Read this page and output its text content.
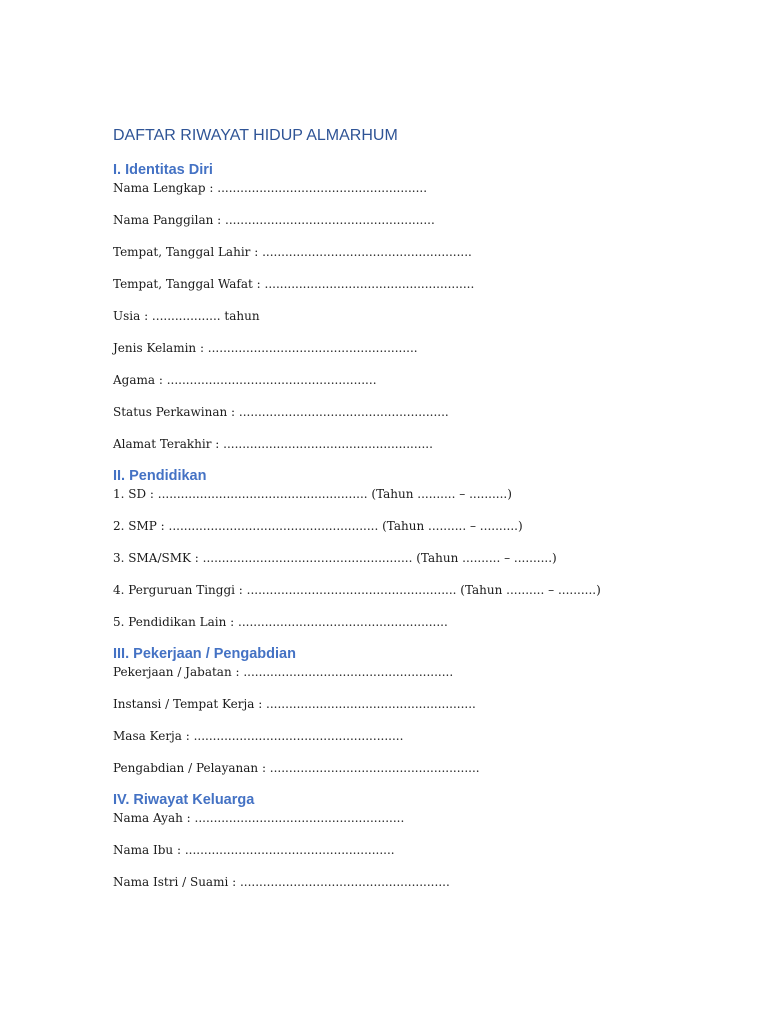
DAFTAR RIWAYAT HIDUP ALMARHUM
I. Identitas Diri

Nama Lengkap : .......................................................

Nama Panggilan : .......................................................

Tempat, Tanggal Lahir : .......................................................

Tempat, Tanggal Wafat : .......................................................

Usia : .................. tahun

Jenis Kelamin : .......................................................

Agama : .......................................................

Status Perkawinan : .......................................................

Alamat Terakhir : .......................................................

II. Pendidikan

1. SD : ....................................................... (Tahun .......... – ..........)

2. SMP : ....................................................... (Tahun .......... – ..........)

3. SMA/SMK : ....................................................... (Tahun .......... – ..........)

4. Perguruan Tinggi : ....................................................... (Tahun .......... – ..........)

5. Pendidikan Lain : .......................................................

III. Pekerjaan / Pengabdian

Pekerjaan / Jabatan : .......................................................

Instansi / Tempat Kerja : .......................................................

Masa Kerja : .......................................................

Pengabdian / Pelayanan : .......................................................

IV. Riwayat Keluarga

Nama Ayah : .......................................................

Nama Ibu : .......................................................

Nama Istri / Suami : .......................................................
